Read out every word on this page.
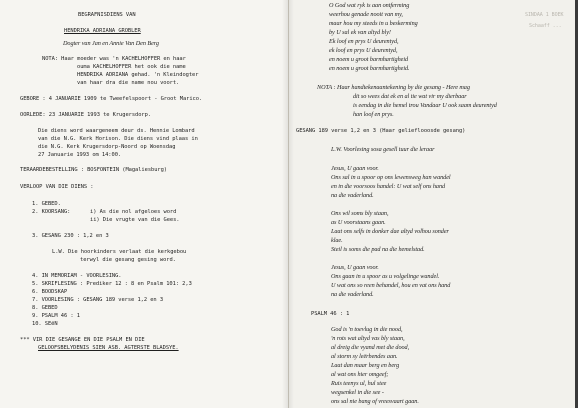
BEGRAFNISDIENS VAN
HENDRIKA ADRIANA GROBLER
Dogter van Jan en Annie Van Den Berg
NOTA: Haar moeder was 'n KACHELHOFFER en haar
ouma KACHELHOFFER het ook die name
HENDRIKA ADRIANA gehad. 'n Kleindogter
van haar dra die name nou voort.
GEBORE : 4 JANUARIE 1909 te Tweefelspoort - Groot Marico.
OORLEDE: 23 JANUARIE 1993 te Krugersdorp.
Die diens word waargeneem deur ds. Hennie Lombard
van die N.G. Kerk Horison. Die diens vind plaas in
die N.G. Kerk Krugersdorp-Noord op Woensdag
27 Januarie 1993 om 14:00.
TERAARDEBESTELLING : BOSFONTEIN (Magaliesburg)
VERLOOP VAN DIE DIENS :
1. GEBED.
2. KOORSANG:	i) As die nol afgeloes word
ii) Die vrugte van die Gees.
3. GESANG 230 : 1,2 en 3
L.W. Die hoorkinders verlaat die kerkgebou
terwyl die gesang gesing word.
4. IN MEMORIAM - VOORLESING.
5. SKRIFLESING : Prediker 12 : 8 en Psalm 101: 2,3
6. BOODSKAP
7. VOORLESING : GESANG 189 verse 1,2 en 3
8. GEBED
9. PSALM 46 : 1
10. SEëN
*** VIR DIE GESANGE EN DIE PSALM EN DIE
GELOOFSBELYDENIS SIEN ASB. AGTERSTE BLADSYE.
SINDAA 1 BOEK
Schaaff ...
O God wat ryk is aan ontferming
weerhou genade nooit van my,
maar hou my steeds in u beskerming
by U sal ek van altyd bly!
Ek loof en prys U deurentyd,
ek loof en prys U deurentyd,
en noem u groot barmhartigheid
en noem u groot barmhartigheid.
NOTA : Haar handtekenaantekening by die gesang - Here mag
dit so wees dat ek en al tie wat vir my dierbaar
is eendag in die hemel trou Vandaar U ook saam deurentyd
han loof en prys.
GESANG 189 verse 1,2 en 3 (Haar gelieflooosde gesang)
L.W. Voorlesing sosa gesell tuur die leraar
Jesus, U gaan voor.
Ons sal in u spoor op ons lewensweg han wandel
en in die voorsoos handel: U wat self ons hand
na die vaderland.
Ons wil soms bly staan,
as U voorstaans gaan.
Laat ons selfs in donker dae altyd volhou sonder
klae.
Steil is soms die pad na die hemelstad.
Jesus, U gaan voor.
Ons gaan in u spoor as u volgelinge wandel.
U wat ons so reen behandel, hou en vat ons hand
na die vaderland.
PSALM 46 : 1
God is 'n toevlug in die nood,
'n rots wat altyd vas bly staan,
al dreig die vyand met die dood,
al storm sy leërbendes aan.
Laat dan maar berg en berg
al wat ons hier omgeef;
Ruis teenys ul, hul stee
wegsenkel in die see -
ons sal nie bang of vreesvaart gaan.
